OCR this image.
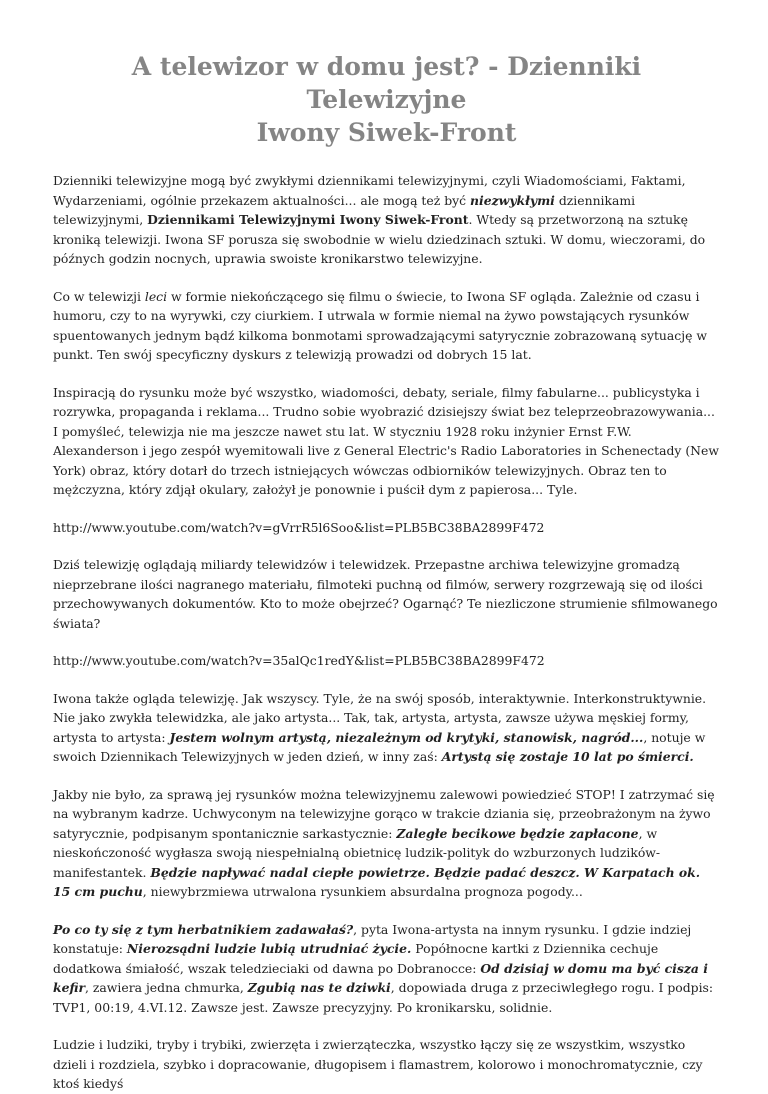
A telewizor w domu jest? - Dzienniki Telewizyjne
Iwony Siwek-Front

Dzienniki telewizyjne mogą być zwykłymi dziennikami telewizyjnymi, czyli Wiadomościami, Faktami, Wydarzeniami, ogólnie przekazem aktualności... ale mogą też być niezwykłymi dziennikami telewizyjnymi, Dziennikami Telewizyjnymi Iwony Siwek-Front. Wtedy są przetworzoną na sztukę kroniką telewizji. Iwona SF porusza się swobodnie w wielu dziedzinach sztuki. W domu, wieczorami, do późnych godzin nocnych, uprawia swoiste kronikarstwo telewizyjne.

Co w telewizji leci w formie niekończącego się filmu o świecie, to Iwona SF ogląda. Zależnie od czasu i humoru, czy to na wyrywki, czy ciurkiem. I utrwala w formie niemal na żywo powstających rysunków spuentowanych jednym bądź kilkoma bonmotami sprowadzającymi satyrycznie zobrazowaną sytuację w punkt. Ten swój specyficzny dyskurs z telewizją prowadzi od dobrych 15 lat.

Inspiracją do rysunku może być wszystko, wiadomości, debaty, seriale, filmy fabularne... publicystyka i rozrywka, propaganda i reklama... Trudno sobie wyobrazić dzisiejszy świat bez teleprzeobrazowywania... I pomyśleć, telewizja nie ma jeszcze nawet stu lat. W styczniu 1928 roku inżynier Ernst F.W. Alexanderson i jego zespół wyemitowali live z General Electric's Radio Laboratories in Schenectady (New York) obraz, który dotarł do trzech istniejących wówczas odbiorników telewizyjnych. Obraz ten to mężczyzna, który zdjął okulary, założył je ponownie i puścił dym z papierosa... Tyle.

http://www.youtube.com/watch?v=gVrrR5l6Soo&list=PLB5BC38BA2899F472

Dziś telewizję oglądają miliardy telewidzów i telewidzek. Przepastne archiwa telewizyjne gromadzą nieprzebrane ilości nagranego materiału, filmoteki puchną od filmów, serwery rozgrzewają się od ilości przechowywanych dokumentów. Kto to może obejrzeć? Ogarnąć? Te niezliczone strumienie sfilmowanego świata?

http://www.youtube.com/watch?v=35alQc1redY&list=PLB5BC38BA2899F472

Iwona także ogląda telewizję. Jak wszyscy. Tyle, że na swój sposób, interaktywnie. Interkonstruktywnie. Nie jako zwykła telewidzka, ale jako artysta... Tak, tak, artysta, artysta, zawsze używa męskiej formy, artysta to artysta: Jestem wolnym artystą, niezależnym od krytyki, stanowisk, nagród..., notuje w swoich Dziennikach Telewizyjnych w jeden dzień, w inny zaś: Artystą się zostaje 10 lat po śmierci.

Jakby nie było, za sprawą jej rysunków można telewizyjnemu zalewowi powiedzieć STOP! I zatrzymać się na wybranym kadrze. Uchwyconym na telewizyjne gorąco w trakcie dziania się, przeobrażonym na żywo satyrycznie, podpisanym spontanicznie sarkastycznie: Zaległe becikowe będzie zapłacone, w nieskończoność wygłasza swoją niespełnialną obietnicę ludzik-polityk do wzburzonych ludzików-manifestantek. Będzie napływać nadal ciepłe powietrze. Będzie padać deszcz. W Karpatach ok. 15 cm puchu, niewybrzmiewa utrwalona rysunkiem absurdalna prognoza pogody...

Po co ty się z tym herbatnikiem zadawałaś?, pyta Iwona-artysta na innym rysunku. I gdzie indziej konstatuje: Nierozsądni ludzie lubią utrudniać życie. Popółnocne kartki z Dziennika cechuje dodatkowa śmiałość, wszak teledzieciaki od dawna po Dobranocce: Od dzisiaj w domu ma być cisza i kefir, zawiera jedna chmurka, Zgubią nas te dziwki, dopowiada druga z przeciwległego rogu. I podpis: TVP1, 00:19, 4.VI.12. Zawsze jest. Zawsze precyzyjny. Po kronikarsku, solidnie.

Ludzie i ludziki, tryby i trybiki, zwierzęta i zwierzątеczka, wszystko łączy się ze wszystkim, wszystko dzieli i rozdziela, szybko i dopracowanie, długopisem i flamastrem, kolorowo i monochromatycznie, czy ktoś kiedyś
